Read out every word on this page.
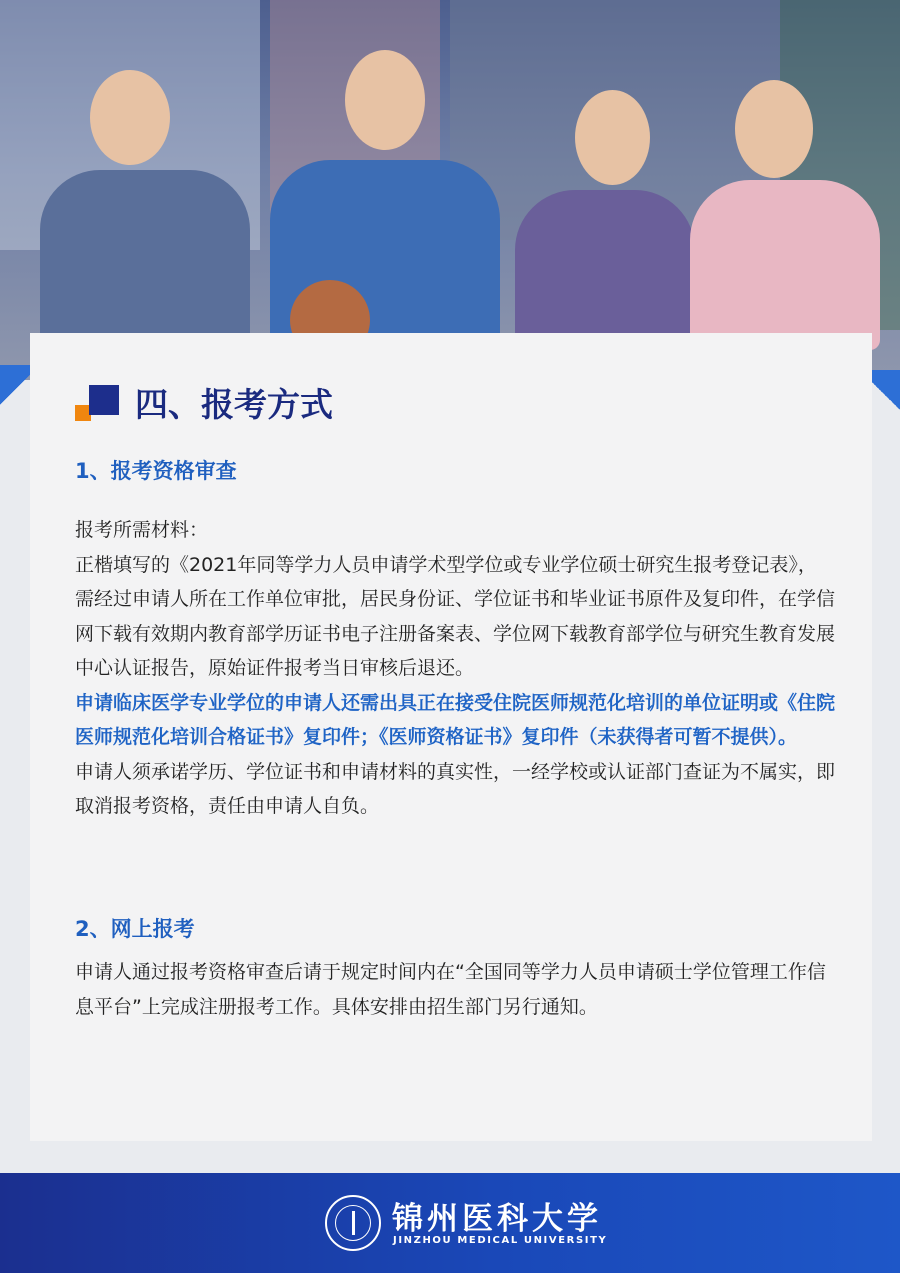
四、报考方式
1、报考资格审查

报考所需材料：

正楷填写的《2021年同等学力人员申请学术型学位或专业学位硕士研究生报考登记表》，需经过申请人所在工作单位审批，居民身份证、学位证书和毕业证书原件及复印件，在学信网下载有效期内教育部学历证书电子注册备案表、学位网下载教育部学位与研究生教育发展中心认证报告，原始证件报考当日审核后退还。

申请临床医学专业学位的申请人还需出具正在接受住院医师规范化培训的单位证明或《住院医师规范化培训合格证书》复印件；《医师资格证书》复印件（未获得者可暂不提供）。

申请人须承诺学历、学位证书和申请材料的真实性，一经学校或认证部门查证为不属实，即取消报考资格，责任由申请人自负。

2、网上报考

申请人通过报考资格审查后请于规定时间内在“全国同等学力人员申请硕士学位管理工作信息平台”上完成注册报考工作。具体安排由招生部门另行通知。

锦州医科大学
JINZHOU MEDICAL UNIVERSITY
